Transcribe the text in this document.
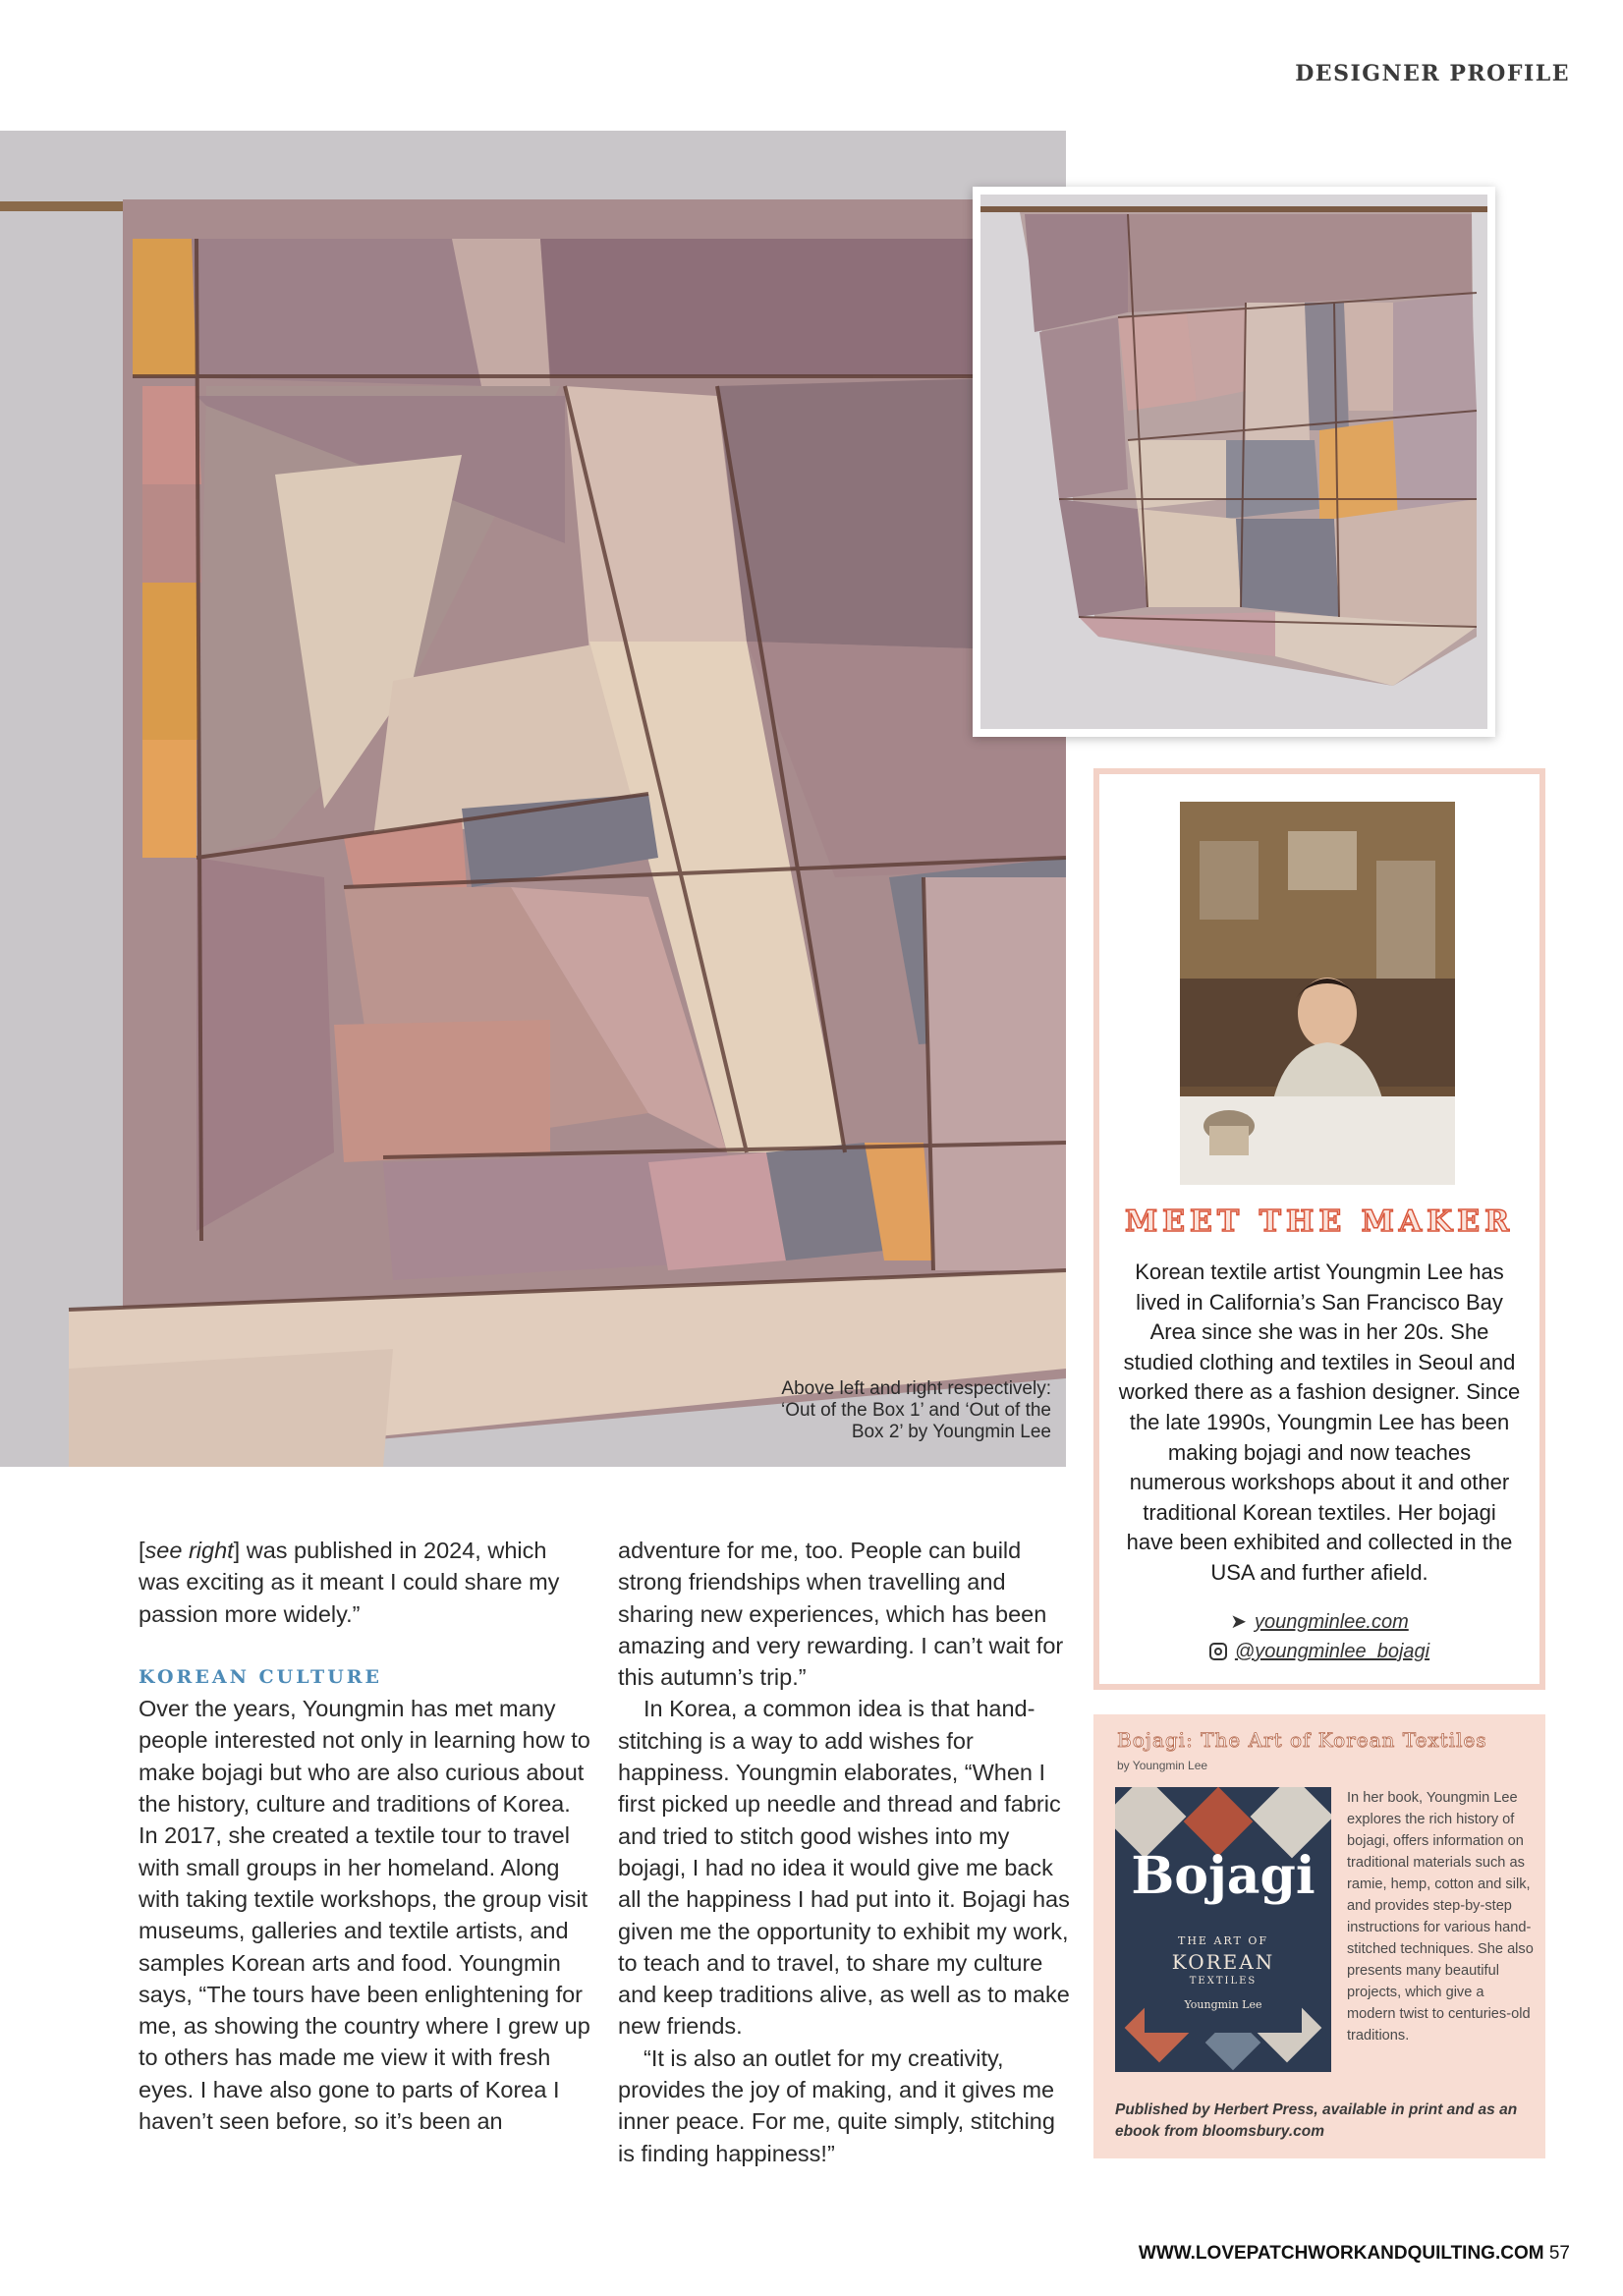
DESIGNER PROFILE
Above left and right respectively:
‘Out of the Box 1’ and ‘Out of the
Box 2’ by Youngmin Lee

[see right] was published in 2024, which was exciting as it meant I could share my passion more widely.”

KOREAN CULTURE

Over the years, Youngmin has met many people interested not only in learning how to make bojagi but who are also curious about the history, culture and traditions of Korea. In 2017, she created a textile tour to travel with small groups in her homeland. Along with taking textile workshops, the group visit museums, galleries and textile artists, and samples Korean arts and food. Youngmin says, “The tours have been enlightening for me, as showing the country where I grew up to others has made me view it with fresh eyes. I have also gone to parts of Korea I haven’t seen before, so it’s been an

adventure for me, too. People can build strong friendships when travelling and sharing new experiences, which has been amazing and very rewarding. I can’t wait for this autumn’s trip.”

In Korea, a common idea is that hand-stitching is a way to add wishes for happiness. Youngmin elaborates, “When I first picked up needle and thread and fabric and tried to stitch good wishes into my bojagi, I had no idea it would give me back all the happiness I had put into it. Bojagi has given me the opportunity to exhibit my work, to teach and to travel, to share my culture and keep traditions alive, as well as to make new friends.

“It is also an outlet for my creativity, provides the joy of making, and it gives me inner peace. For me, quite simply, stitching is finding happiness!”

MEET THE MAKER
Korean textile artist Youngmin Lee has lived in California’s San Francisco Bay Area since she was in her 20s. She studied clothing and textiles in Seoul and worked there as a fashion designer. Since the late 1990s, Youngmin Lee has been making bojagi and now teaches numerous workshops about it and other traditional Korean textiles. Her bojagi have been exhibited and collected in the USA and further afield.
➤ youngminlee.com
@youngminlee_bojagi
Bojagi: The Art of Korean Textiles
by Youngmin Lee
Bojagi
THE ART OF
KOREAN
TEXTILES
Youngmin Lee
In her book, Youngmin Lee explores the rich history of bojagi, offers information on traditional materials such as ramie, hemp, cotton and silk, and provides step-by-step instructions for various hand-stitched techniques. She also presents many beautiful projects, which give a modern twist to centuries-old traditions.
Published by Herbert Press, available in print and as an ebook from bloomsbury.com
WWW.LOVEPATCHWORKANDQUILTING.COM 57
